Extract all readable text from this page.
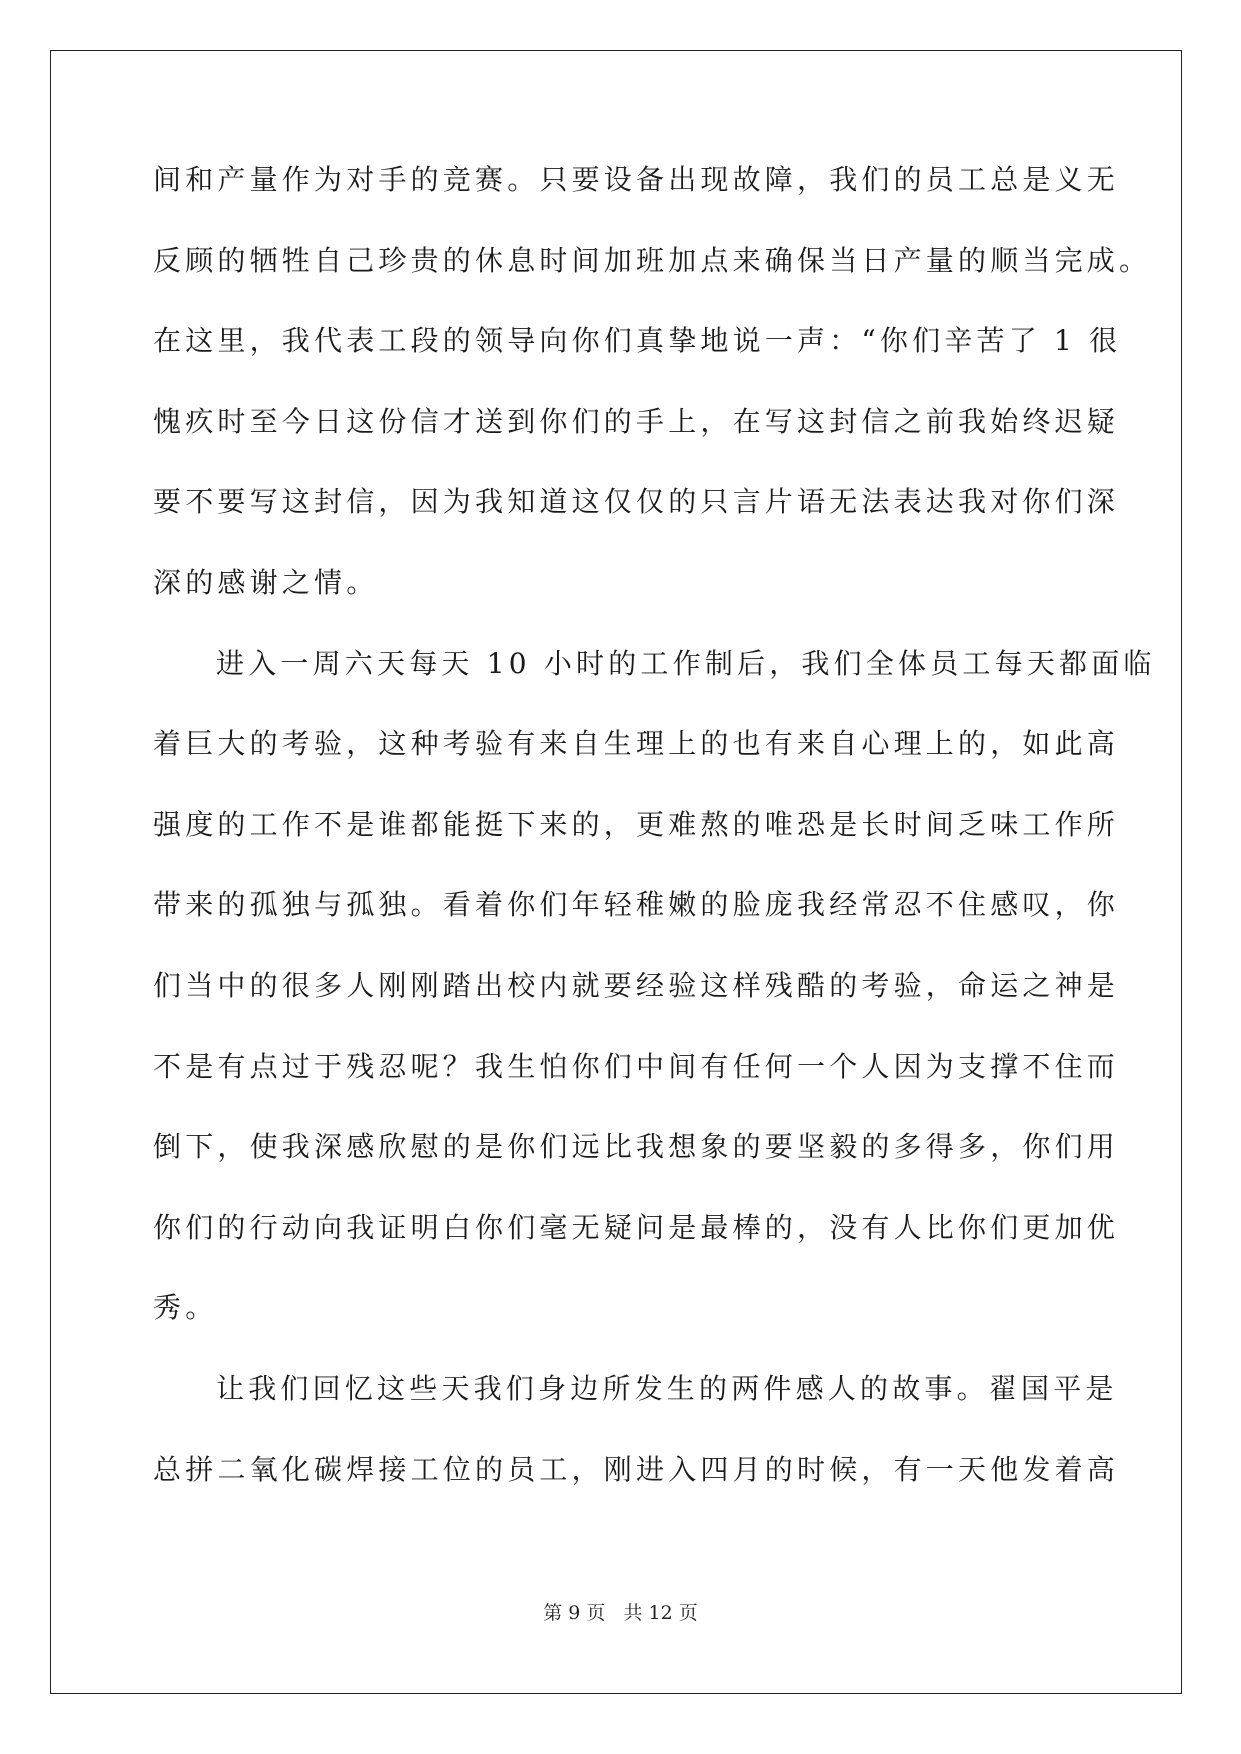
间和产量作为对手的竞赛。只要设备出现故障，我们的员工总是义无
反顾的牺牲自己珍贵的休息时间加班加点来确保当日产量的顺当完成。
在这里，我代表工段的领导向你们真挚地说一声：“你们辛苦了 1 很
愧疚时至今日这份信才送到你们的手上，在写这封信之前我始终迟疑
要不要写这封信，因为我知道这仅仅的只言片语无法表达我对你们深
深的感谢之情。
进入一周六天每天 10 小时的工作制后，我们全体员工每天都面临
着巨大的考验，这种考验有来自生理上的也有来自心理上的，如此高
强度的工作不是谁都能挺下来的，更难熬的唯恐是长时间乏味工作所
带来的孤独与孤独。看着你们年轻稚嫩的脸庞我经常忍不住感叹，你
们当中的很多人刚刚踏出校内就要经验这样残酷的考验，命运之神是
不是有点过于残忍呢？我生怕你们中间有任何一个人因为支撑不住而
倒下，使我深感欣慰的是你们远比我想象的要坚毅的多得多，你们用
你们的行动向我证明白你们毫无疑问是最棒的，没有人比你们更加优
秀。
让我们回忆这些天我们身边所发生的两件感人的故事。翟国平是
总拼二氧化碳焊接工位的员工，刚进入四月的时候，有一天他发着高
第 9 页 共 12 页
